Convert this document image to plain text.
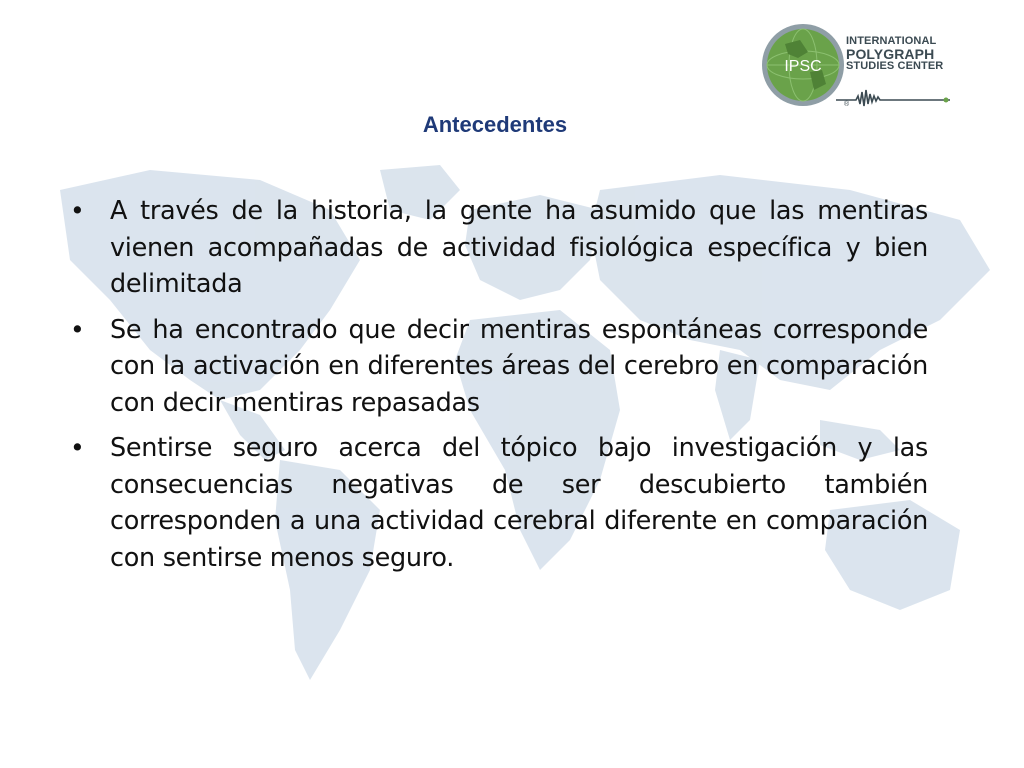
IPSC
INTERNATIONAL
POLYGRAPH
STUDIES CENTER
®
Antecedentes
• A través de la historia, la gente ha asumido que las mentiras vienen acompañadas de actividad fisiológica específica y bien delimitada
• Se ha encontrado que decir mentiras espontáneas corresponde con la activación en diferentes áreas del cerebro en comparación con decir mentiras repasadas
• Sentirse seguro acerca del tópico bajo investigación y las consecuencias negativas de ser descubierto también corresponden a una actividad cerebral diferente en comparación con sentirse menos seguro.
